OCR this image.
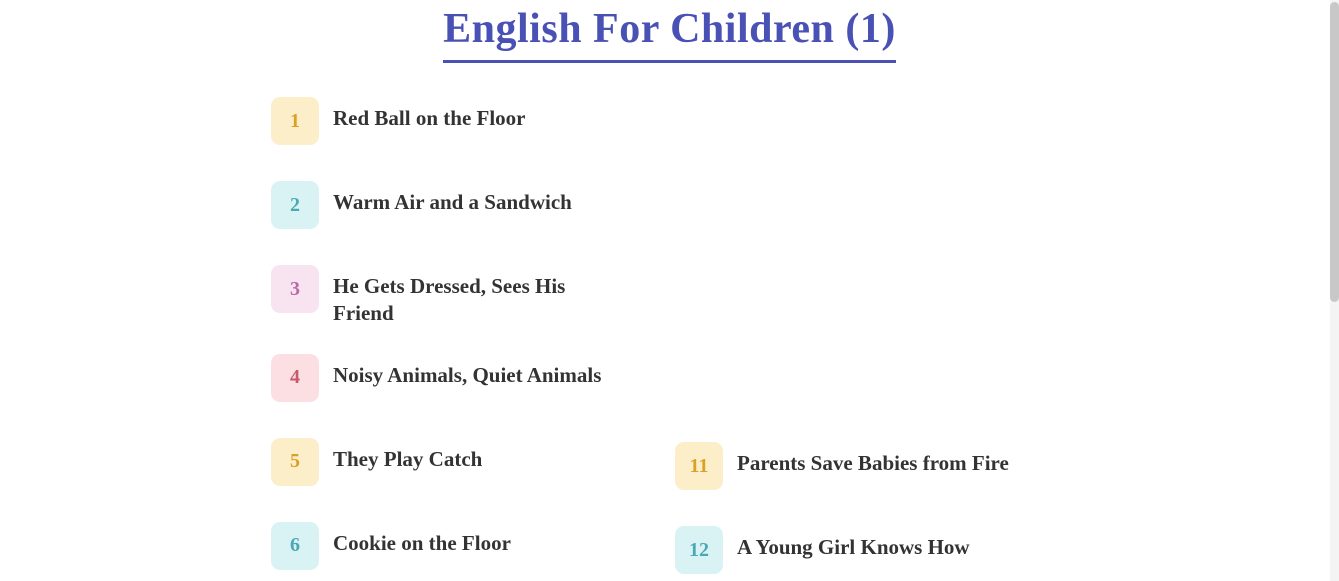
English For Children (1)
1	Red Ball on the Floor
2	Warm Air and a Sandwich
3	He Gets Dressed, Sees His Friend
4	Noisy Animals, Quiet Animals
5	They Play Catch
6	Cookie on the Floor
11	Parents Save Babies from Fire
12	A Young Girl Knows How
